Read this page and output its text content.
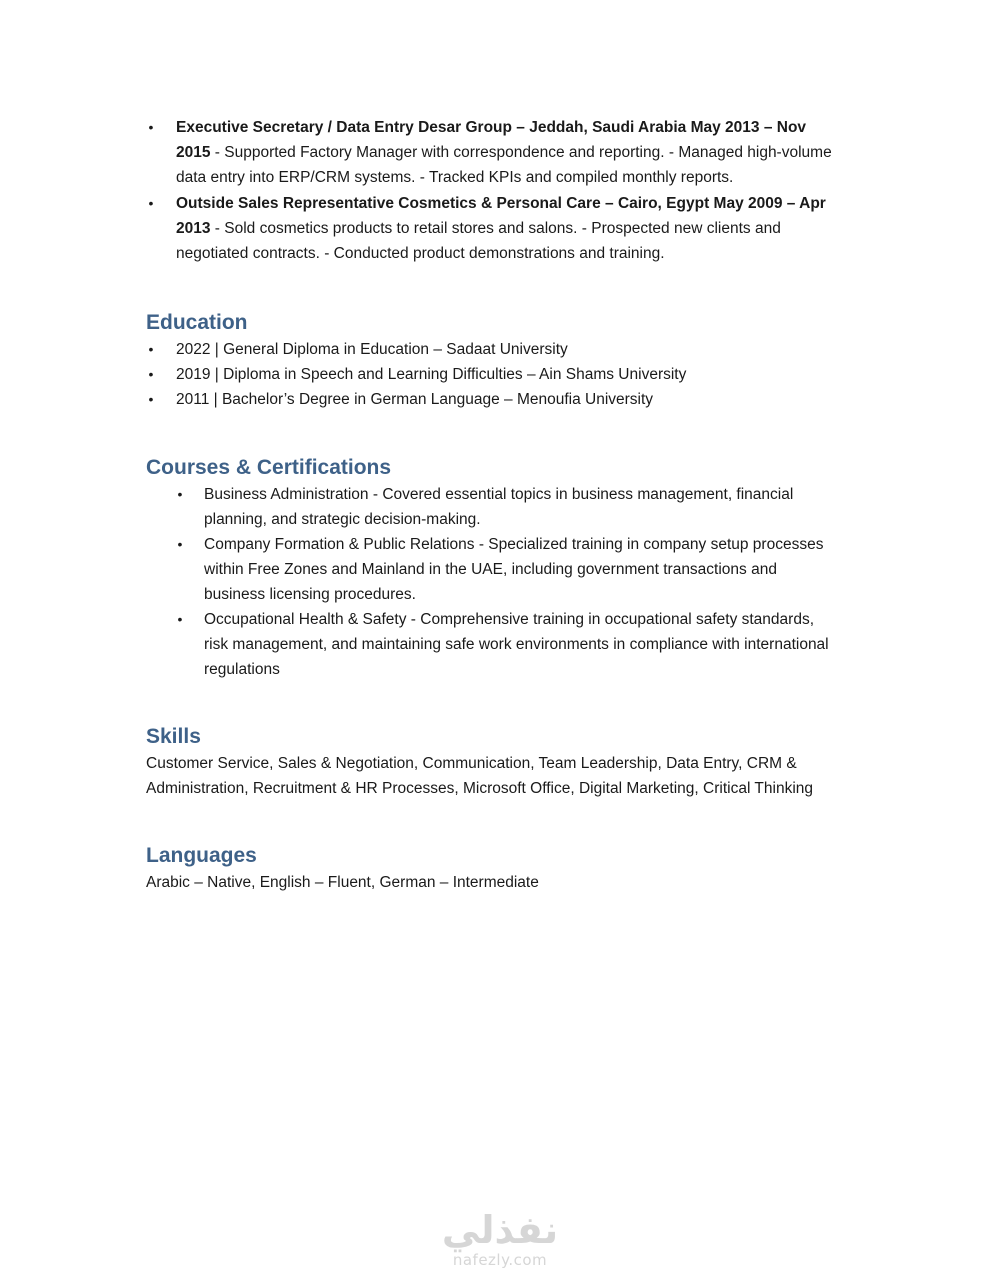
• Executive Secretary / Data Entry Desar Group – Jeddah, Saudi Arabia May 2013 – Nov 2015 - Supported Factory Manager with correspondence and reporting. - Managed high-volume data entry into ERP/CRM systems. - Tracked KPIs and compiled monthly reports.
• Outside Sales Representative Cosmetics & Personal Care – Cairo, Egypt May 2009 – Apr 2013 - Sold cosmetics products to retail stores and salons. - Prospected new clients and negotiated contracts. - Conducted product demonstrations and training.
Education
• 2022 | General Diploma in Education – Sadaat University
• 2019 | Diploma in Speech and Learning Difficulties – Ain Shams University
• 2011 | Bachelor’s Degree in German Language – Menoufia University
Courses & Certifications
• Business Administration - Covered essential topics in business management, financial planning, and strategic decision-making.
• Company Formation & Public Relations - Specialized training in company setup processes within Free Zones and Mainland in the UAE, including government transactions and business licensing procedures.
• Occupational Health & Safety - Comprehensive training in occupational safety standards, risk management, and maintaining safe work environments in compliance with international regulations
Skills

Customer Service, Sales & Negotiation, Communication, Team Leadership, Data Entry, CRM & Administration, Recruitment & HR Processes, Microsoft Office, Digital Marketing, Critical Thinking

Languages

Arabic – Native, English – Fluent, German – Intermediate

نفذلي
nafezly.com
